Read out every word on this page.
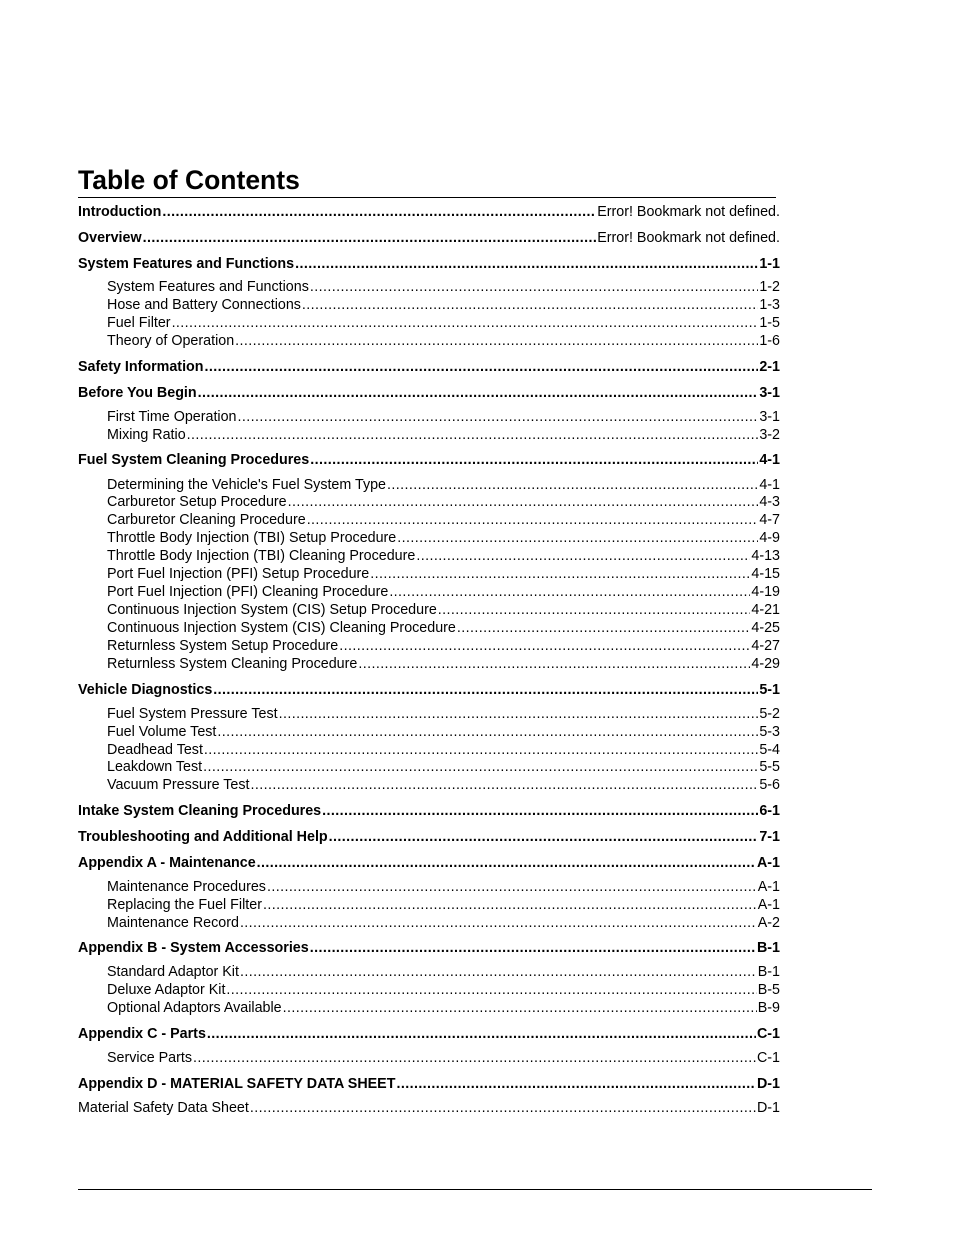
Table of Contents
Introduction .....	Error! Bookmark not defined.
Overview .....	Error! Bookmark not defined.
System Features and Functions .....	1-1
System Features and Functions .....	1-2
Hose and Battery Connections .....	1-3
Fuel Filter .....	1-5
Theory of Operation .....	1-6
Safety Information .....	2-1
Before You Begin .....	3-1
First Time Operation .....	3-1
Mixing Ratio .....	3-2
Fuel System Cleaning Procedures .....	4-1
Determining the Vehicle's Fuel System Type .....	4-1
Carburetor Setup Procedure .....	4-3
Carburetor Cleaning Procedure .....	4-7
Throttle Body Injection (TBI) Setup Procedure .....	4-9
Throttle Body Injection (TBI) Cleaning Procedure .....	4-13
Port Fuel Injection (PFI) Setup Procedure .....	4-15
Port Fuel Injection (PFI) Cleaning Procedure .....	4-19
Continuous Injection System (CIS) Setup Procedure .....	4-21
Continuous Injection System (CIS) Cleaning Procedure .....	4-25
Returnless System Setup Procedure .....	4-27
Returnless System Cleaning Procedure .....	4-29
Vehicle Diagnostics .....	5-1
Fuel System Pressure Test .....	5-2
Fuel Volume Test .....	5-3
Deadhead Test .....	5-4
Leakdown Test .....	5-5
Vacuum Pressure Test .....	5-6
Intake System Cleaning Procedures .....	6-1
Troubleshooting and Additional Help .....	7-1
Appendix A - Maintenance .....	A-1
Maintenance Procedures .....	A-1
Replacing the Fuel Filter .....	A-1
Maintenance Record .....	A-2
Appendix B - System Accessories .....	B-1
Standard Adaptor Kit .....	B-1
Deluxe Adaptor Kit .....	B-5
Optional Adaptors Available .....	B-9
Appendix C - Parts .....	C-1
Service Parts .....	C-1
Appendix D - MATERIAL SAFETY DATA SHEET .....	D-1
Material Safety Data Sheet .....	D-1
